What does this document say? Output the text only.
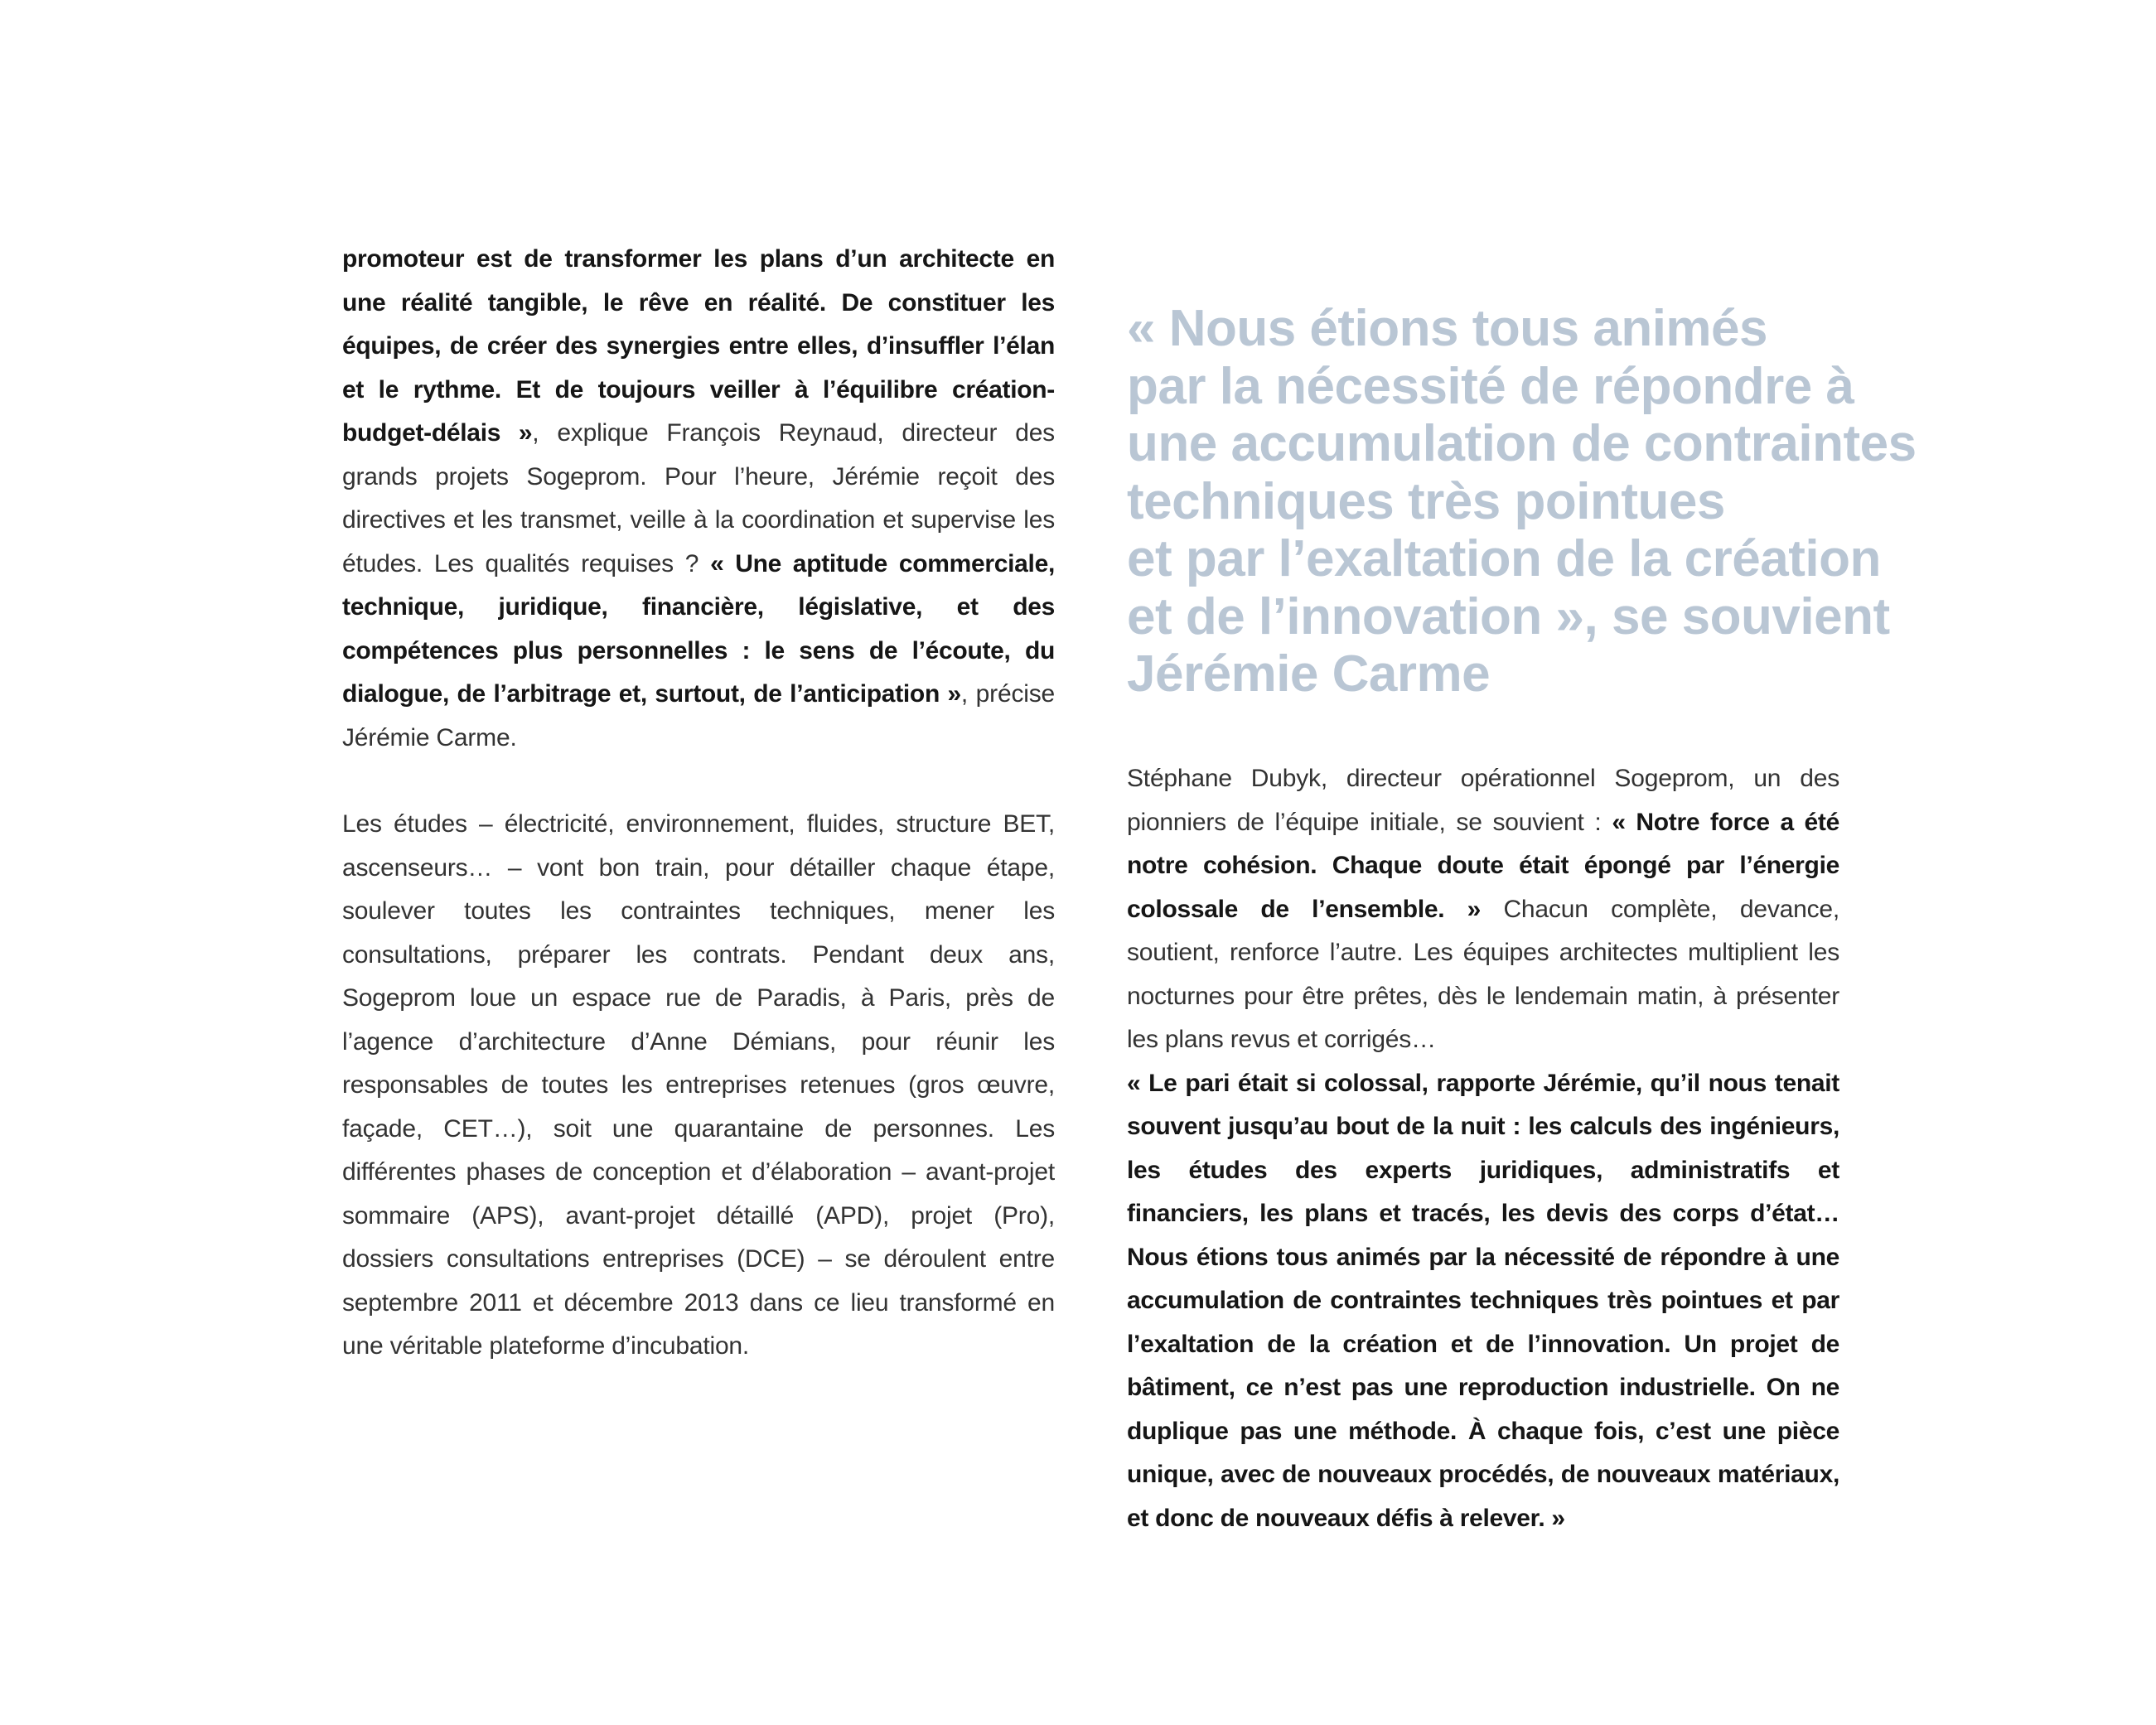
promoteur est de transformer les plans d’un architecte en une réalité tangible, le rêve en réalité. De constituer les équipes, de créer des synergies entre elles, d’insuffler l’élan et le rythme. Et de toujours veiller à l’équilibre création-budget-délais », explique François Reynaud, directeur des grands projets Sogeprom. Pour l’heure, Jérémie reçoit des directives et les transmet, veille à la coordination et supervise les études. Les qualités requises ? « Une aptitude commerciale, technique, juridique, financière, législative, et des compétences plus personnelles : le sens de l’écoute, du dialogue, de l’arbitrage et, surtout, de l’anticipation », précise Jérémie Carme.

Les études – électricité, environnement, fluides, structure BET, ascenseurs… – vont bon train, pour détailler chaque étape, soulever toutes les contraintes techniques, mener les consultations, préparer les contrats. Pendant deux ans, Sogeprom loue un espace rue de Paradis, à Paris, près de l’agence d’architecture d’Anne Démians, pour réunir les responsables de toutes les entreprises retenues (gros œuvre, façade, CET…), soit une quarantaine de personnes. Les différentes phases de conception et d’élaboration – avant-projet sommaire (APS), avant-projet détaillé (APD), projet (Pro), dossiers consultations entreprises (DCE) – se déroulent entre septembre 2011 et décembre 2013 dans ce lieu transformé en une véritable plateforme d’incubation.

« Nous étions tous animés
par la nécessité de répondre à
une accumulation de contraintes
techniques très pointues
et par l’exaltation de la création
et de l’innovation », se souvient
Jérémie Carme

Stéphane Dubyk, directeur opérationnel Sogeprom, un des pionniers de l’équipe initiale, se souvient : « Notre force a été notre cohésion. Chaque doute était épongé par l’énergie colossale de l’ensemble. » Chacun complète, devance, soutient, renforce l’autre. Les équipes architectes multiplient les nocturnes pour être prêtes, dès le lendemain matin, à présenter les plans revus et corrigés…

« Le pari était si colossal, rapporte Jérémie, qu’il nous tenait souvent jusqu’au bout de la nuit : les calculs des ingénieurs, les études des experts juridiques, administratifs et financiers, les plans et tracés, les devis des corps d’état… Nous étions tous animés par la nécessité de répondre à une accumulation de contraintes techniques très pointues et par l’exaltation de la création et de l’innovation. Un projet de bâtiment, ce n’est pas une reproduction industrielle. On ne duplique pas une méthode. À chaque fois, c’est une pièce unique, avec de nouveaux procédés, de nouveaux matériaux, et donc de nouveaux défis à relever. »
